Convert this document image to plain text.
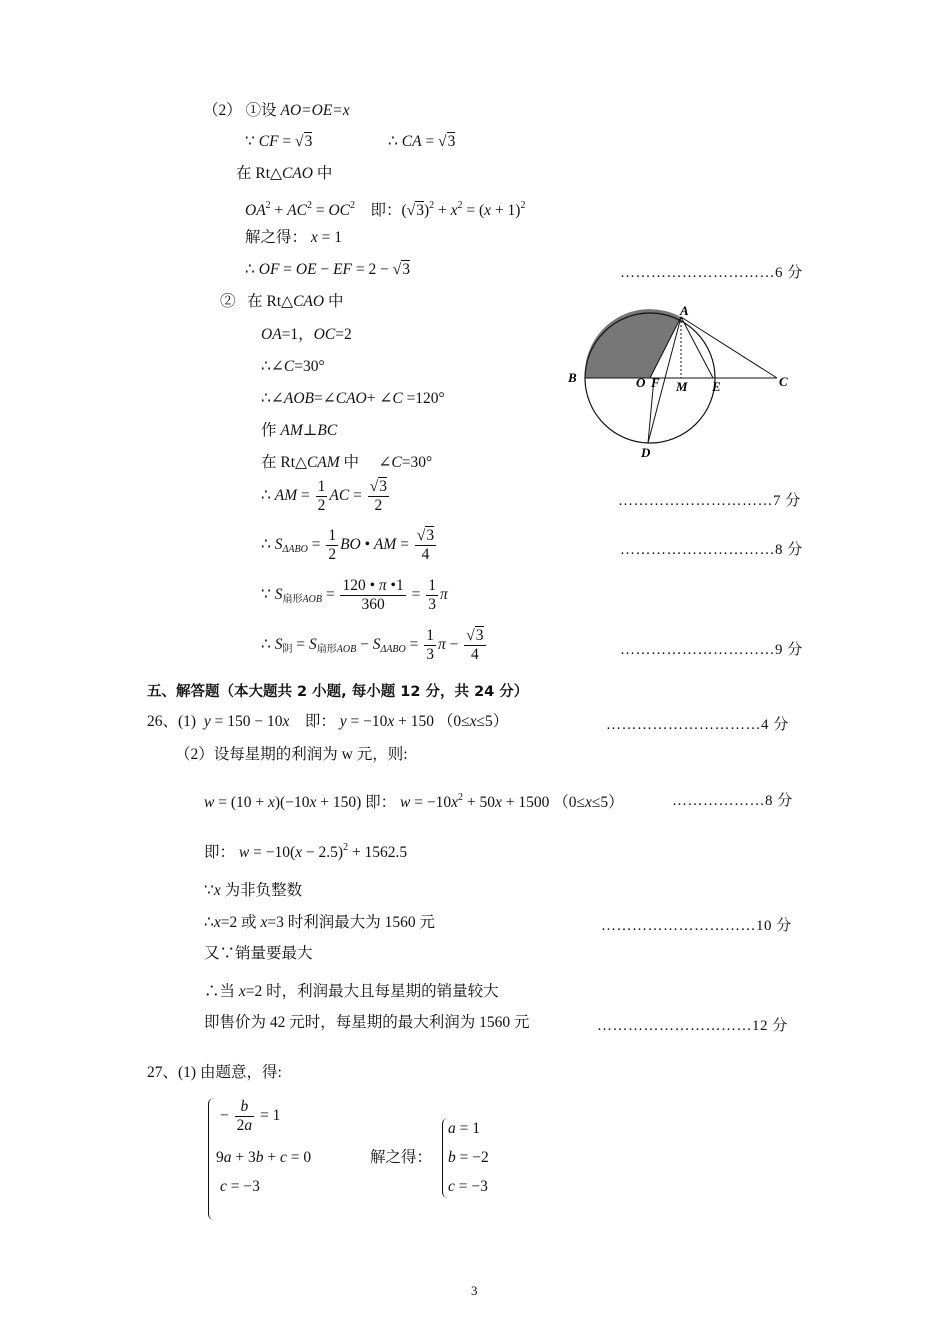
（2） ①设 AO=OE=x
∵ CF = √3	∴ CA = √3
在 Rt△CAO 中
$OA^2 + AC^2 = OC^2$    即：$(√3)^2 + x^2 = (x + 1)^2$
解之得： x = 1
∴ OF = OE − EF = 2 − √3	…………………………6 分
②   在 Rt△CAO 中
OA=1，OC=2
∴∠C=30°
∴∠AOB=∠CAO+ ∠C =120°
作 AM⊥BC
在 Rt△CAM 中     ∠C=30°
∴ AM = $\frac{1}{2}$ AC = $\frac{√3}{2}$	…………………………7 分
∴ $S_{\Delta ABO} = \frac{1}{2}$ BO • AM = $\frac{√3}{4}$	…………………………8 分
∵ $S_{扇形AOB} = \frac{120 • \pi •1}{360} = \frac{1}{3}$ π
∴ $S_阴 = S_{扇形AOB} - S_{\Delta ABO} = \frac{1}{3}$ $\pi - \frac{√3}{4}$	…………………………9 分
A
B	C
D
O F M E
五、解答题（本大题共 2 小题, 每小题 12 分，共 24 分）
26、(1)  y = 150 − 10x    即： y = −10x + 150 （0≤x≤5）	…………………………4 分
（2）设每星期的利润为 w 元，则:
w = (10 + x)(−10x + 150) 即： $w = -10x^2 + 50x + 1500$ （0≤x≤5）	………………8 分
即： $w = -10(x - 2.5)^2 + 1562.5$
∵x 为非负整数
∴x=2 或 x=3 时利润最大为 1560 元	…………………………10 分
又∵销量要最大
∴当 x=2 时，利润最大且每星期的销量较大
即售价为 42 元时，每星期的最大利润为 1560 元	…………………………12 分
27、(1) 由题意，得:
− $\frac{b}{2a} = 1$
9a + 3b + c = 0
c = −3
解之得：
a = 1
b = −2
c = −3
3
